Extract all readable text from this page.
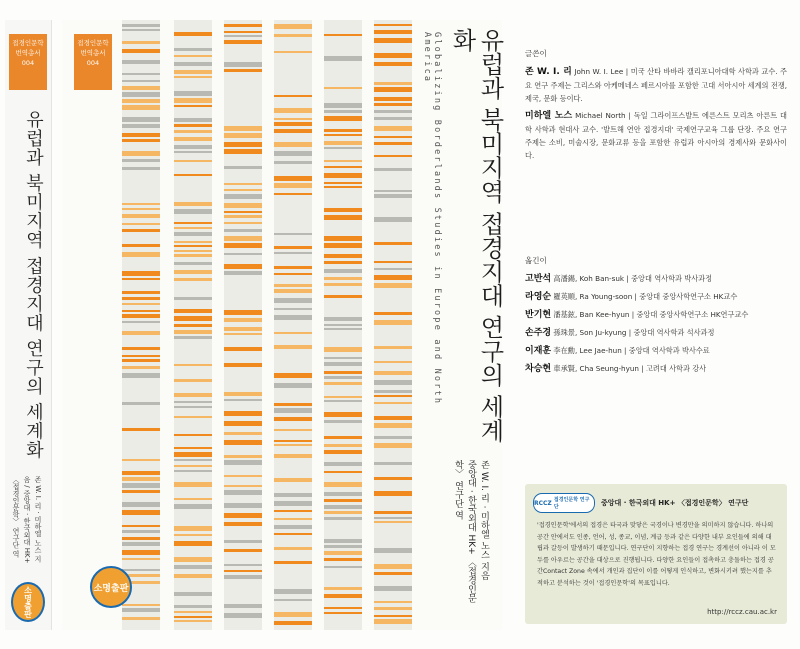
접경인문학
번역총서
004
유럽과 북미지역 접경지대 연구의 세계화
존 W. I. 리 · 미하엘 노스 지음 / 중앙대 · 한국외대 HK+ 〈접경인문학〉 연구단 역
소명출판
접경인문학
번역총서
004	Globalizing Borderlands Studies in Europe and North America	유럽과 북미지역 접경지대 연구의 세계화
존 W. I. 리 · 미하엘 노스 지음
중앙대 · 한국외대 HK+ 〈접경인문학〉 연구단 역
소명출판

글쓴이

존 W. I. 리 John W. I. Lee | 미국 산타 바바라 캘리포니아대학 사학과 교수. 주요 연구 주제는 그리스와 아케메네스 페르시아를 포함한 고대 서아시아 세계의 전쟁, 제국, 문화 등이다.

미하엘 노스 Michael North | 독일 그라이프스발트 에른스트 모리츠 아른트 대학 사학과 현대사 교수. '발트해 연안 접경지대' 국제연구교육 그룹 단장. 주요 연구 주제는 소비, 미술시장, 문화교류 등을 포함한 유럽과 아시아의 경제사와 문화사이다.

옮긴이

고반석 高潘錫, Koh Ban-suk | 중앙대 역사학과 박사과정
라영순 羅英順, Ra Young-soon | 중앙대 중앙사학연구소 HK교수
반기현 潘基鉉, Ban Kee-hyun | 중앙대 중앙사학연구소 HK연구교수
손주경 孫珠景, Son Ju-kyung | 중앙대 역사학과 석사과정
이재훈 李在勳, Lee Jae-hun | 중앙대 역사학과 박사수료
차승현 車承賢, Cha Seung-hyun | 고려대 사학과 강사
RCCZ
접경인문학 연구단	중앙대 · 한국외대 HK+ 〈접경인문학〉 연구단
'접경인문학'에서의 접경은 타국과 맞닿은 국경이나 변경만을 의미하지 않습니다. 하나의 공간 안에서도 인종, 언어, 성, 종교, 이념, 계급 등과 같은 다양한 내부 요인들에 의해 대립과 갈등이 발생하기 때문입니다. 연구단이 지향하는 접경 연구는 경계선이 아니라 이 모두를 아우르는 공간을 대상으로 진행됩니다. 다양한 요인들이 접촉하고 충돌하는 접경 공간Contact Zone 속에서 개인과 집단이 이를 어떻게 인식하고, 변화시키려 했는지를 추적하고 분석하는 것이 '접경인문학'의 목표입니다.
http://rccz.cau.ac.kr
